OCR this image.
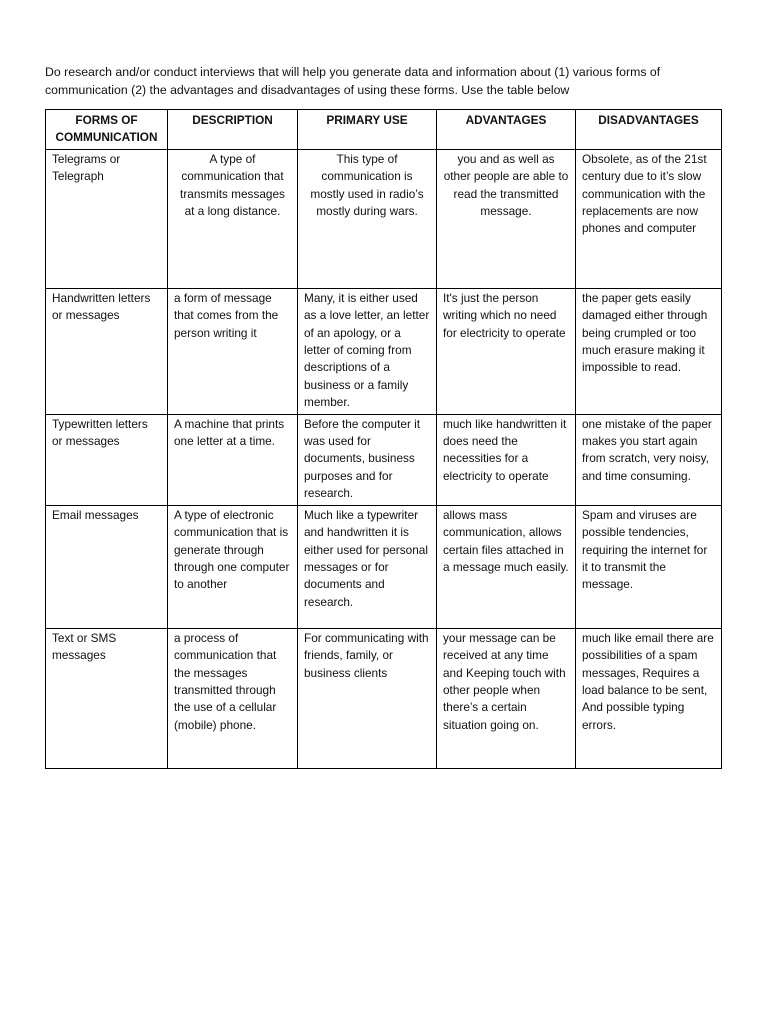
Do research and/or conduct interviews that will help you generate data and information about (1) various forms of communication (2) the advantages and disadvantages of using these forms. Use the table below

FORMS OF COMMUNICATION	DESCRIPTION	PRIMARY USE	ADVANTAGES	DISADVANTAGES
Telegrams or Telegraph	A type of communication that transmits messages at a long distance.	This type of communication is mostly used in radio’s mostly during wars.	you and as well as other people are able to read the transmitted message.	Obsolete, as of the 21st century due to it’s slow communication with the replacements are now phones and computer
Handwritten letters or messages	a form of message that comes from the person writing it	Many, it is either used as a love letter, an letter of an apology, or a letter of coming from descriptions of a business or a family member.	It's just the person writing which no need for electricity to operate	the paper gets easily damaged either through being crumpled or too much erasure making it impossible to read.
Typewritten letters or messages	A machine that prints one letter at a time.	Before the computer it was used for documents, business purposes and for research.	much like handwritten it does need the necessities for a electricity to operate	one mistake of the paper makes you start again from scratch, very noisy, and time consuming.
Email messages	A type of electronic communication that is generate through through one computer to another	Much like a typewriter and handwritten it is either used for personal messages or for documents and research.	allows mass communication, allows certain files attached in a message much easily.	Spam and viruses are possible tendencies, requiring the internet for it to transmit the message.
Text or SMS messages	a process of communication that the messages transmitted through the use of a cellular (mobile) phone.	For communicating with friends, family, or business clients	your message can be received at any time and Keeping touch with other people when there’s a certain situation going on.	much like email there are possibilities of a spam messages, Requires a load balance to be sent, And possible typing errors.
